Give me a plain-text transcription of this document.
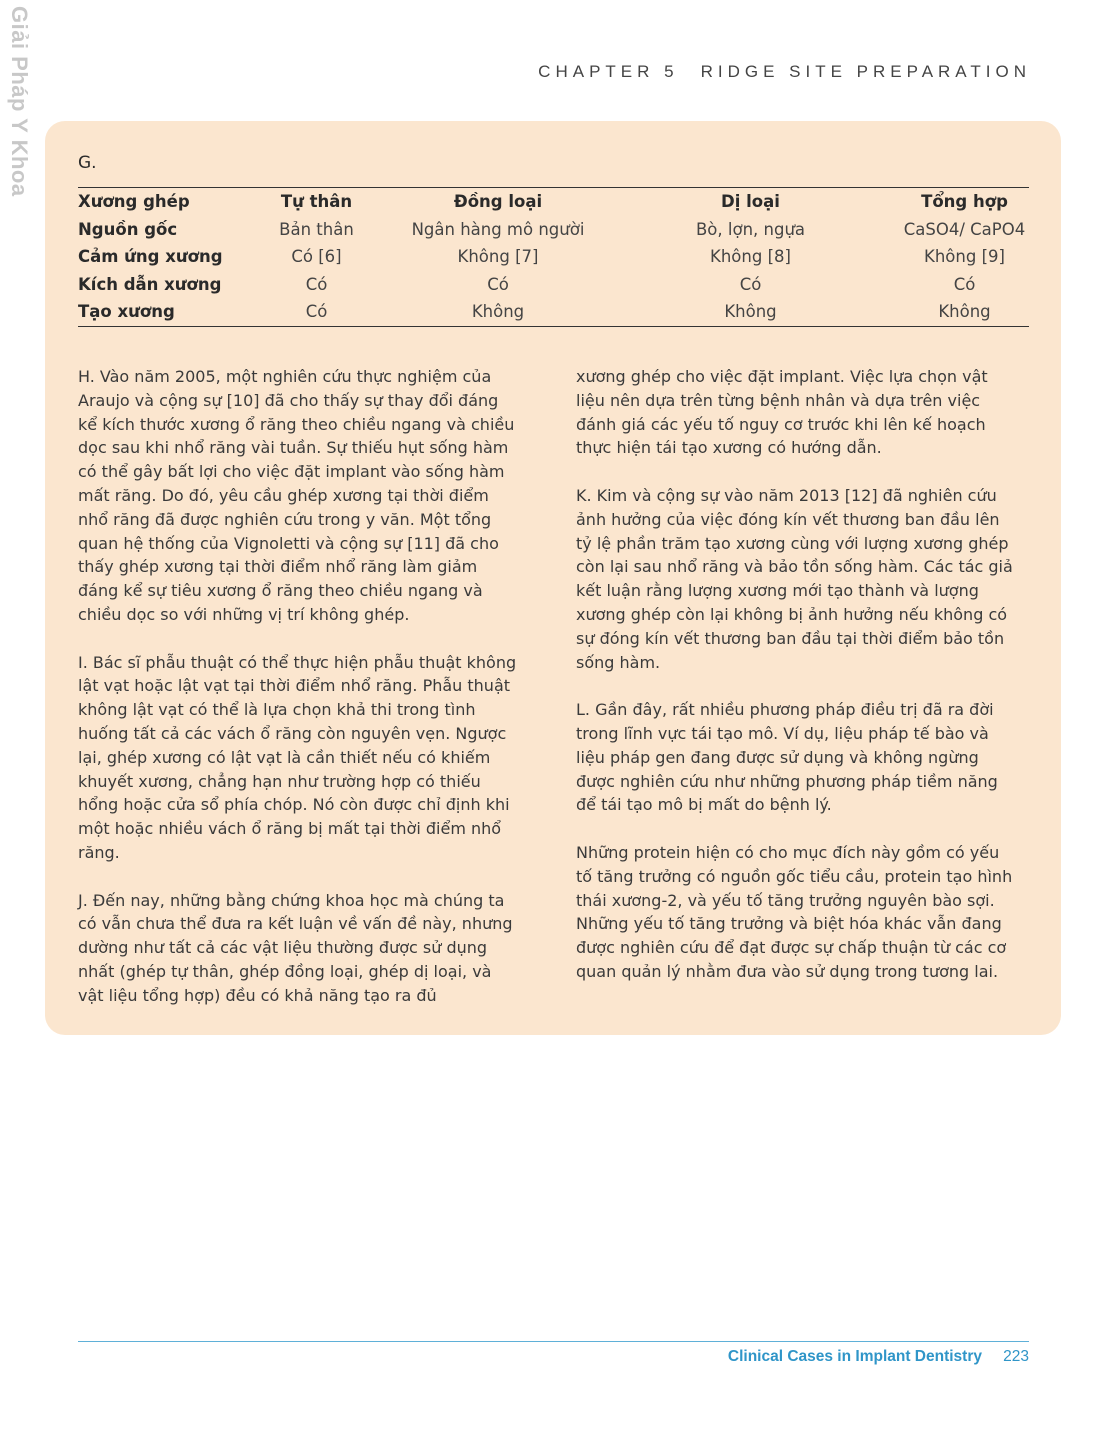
Giải Pháp Y Khoa	CHAPTER 5 RIDGE SITE PREPARATION
G.
Xương ghép	Tự thân	Đồng loại	Dị loại	Tổng hợp
Nguồn gốc	Bản thân	Ngân hàng mô người	Bò, lợn, ngựa	CaSO4/ CaPO4
Cảm ứng xương	Có [6]	Không [7]	Không [8]	Không [9]
Kích dẫn xương	Có	Có	Có	Có
Tạo xương	Có	Không	Không	Không

H. Vào năm 2005, một nghiên cứu thực nghiệm của Araujo và cộng sự [10] đã cho thấy sự thay đổi đáng kể kích thước xương ổ răng theo chiều ngang và chiều dọc sau khi nhổ răng vài tuần. Sự thiếu hụt sống hàm có thể gây bất lợi cho việc đặt implant vào sống hàm mất răng. Do đó, yêu cầu ghép xương tại thời điểm nhổ răng đã được nghiên cứu trong y văn. Một tổng quan hệ thống của Vignoletti và cộng sự [11] đã cho thấy ghép xương tại thời điểm nhổ răng làm giảm đáng kể sự tiêu xương ổ răng theo chiều ngang và chiều dọc so với những vị trí không ghép.

I. Bác sĩ phẫu thuật có thể thực hiện phẫu thuật không lật vạt hoặc lật vạt tại thời điểm nhổ răng. Phẫu thuật không lật vạt có thể là lựa chọn khả thi trong tình huống tất cả các vách ổ răng còn nguyên vẹn. Ngược lại, ghép xương có lật vạt là cần thiết nếu có khiếm khuyết xương, chẳng hạn như trường hợp có thiếu hổng hoặc cửa sổ phía chóp. Nó còn được chỉ định khi một hoặc nhiều vách ổ răng bị mất tại thời điểm nhổ răng.

J. Đến nay, những bằng chứng khoa học mà chúng ta có vẫn chưa thể đưa ra kết luận về vấn đề này, nhưng dường như tất cả các vật liệu thường được sử dụng nhất (ghép tự thân, ghép đồng loại, ghép dị loại, và vật liệu tổng hợp) đều có khả năng tạo ra đủ

xương ghép cho việc đặt implant. Việc lựa chọn vật liệu nên dựa trên từng bệnh nhân và dựa trên việc đánh giá các yếu tố nguy cơ trước khi lên kế hoạch thực hiện tái tạo xương có hướng dẫn.

K. Kim và cộng sự vào năm 2013 [12] đã nghiên cứu ảnh hưởng của việc đóng kín vết thương ban đầu lên tỷ lệ phần trăm tạo xương cùng với lượng xương ghép còn lại sau nhổ răng và bảo tồn sống hàm. Các tác giả kết luận rằng lượng xương mới tạo thành và lượng xương ghép còn lại không bị ảnh hưởng nếu không có sự đóng kín vết thương ban đầu tại thời điểm bảo tồn sống hàm.

L. Gần đây, rất nhiều phương pháp điều trị đã ra đời trong lĩnh vực tái tạo mô. Ví dụ, liệu pháp tế bào và liệu pháp gen đang được sử dụng và không ngừng được nghiên cứu như những phương pháp tiềm năng để tái tạo mô bị mất do bệnh lý.

Những protein hiện có cho mục đích này gồm có yếu tố tăng trưởng có nguồn gốc tiểu cầu, protein tạo hình thái xương-2, và yếu tố tăng trưởng nguyên bào sợi. Những yếu tố tăng trưởng và biệt hóa khác vẫn đang được nghiên cứu để đạt được sự chấp thuận từ các cơ quan quản lý nhằm đưa vào sử dụng trong tương lai.

Clinical Cases in Implant Dentistry 223
